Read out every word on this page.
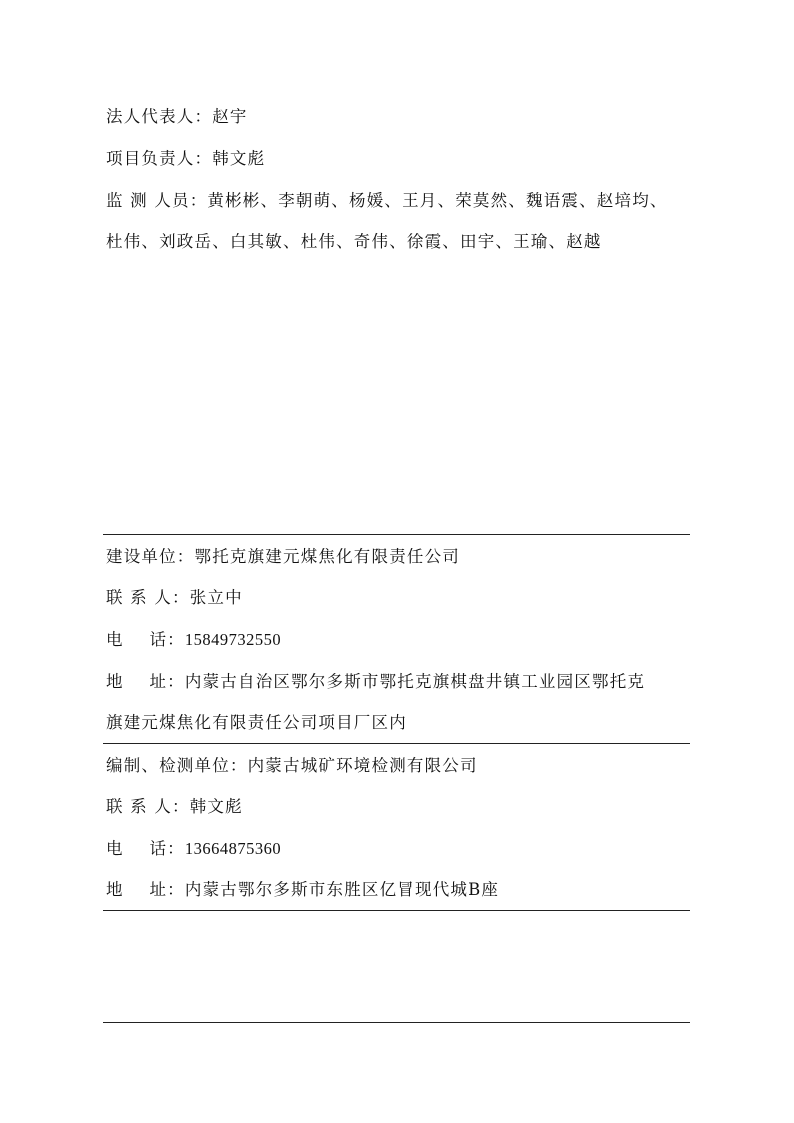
法人代表人：赵宇

项目负责人：韩文彪

监 测 人员：黄彬彬、李朝萌、杨媛、王月、荣莫然、魏语震、赵培均、

杜伟、刘政岳、白其敏、杜伟、奇伟、徐霞、田宇、王瑜、赵越

建设单位：鄂托克旗建元煤焦化有限责任公司

联 系 人：张立中

电    话：15849732550

地    址：内蒙古自治区鄂尔多斯市鄂托克旗棋盘井镇工业园区鄂托克

旗建元煤焦化有限责任公司项目厂区内

编制、检测单位：内蒙古城矿环境检测有限公司

联 系 人：韩文彪

电    话：13664875360

地    址：内蒙古鄂尔多斯市东胜区亿冒现代城B座
